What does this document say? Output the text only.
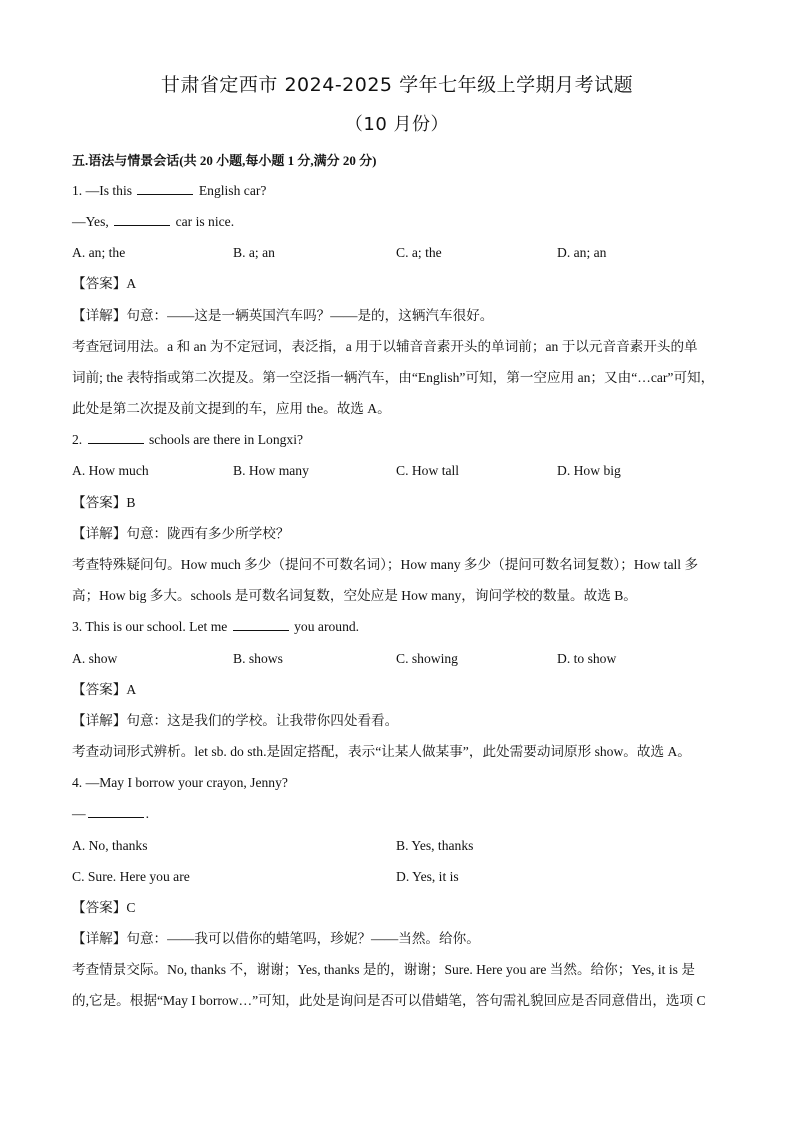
甘肃省定西市 2024-2025 学年七年级上学期月考试题
（10 月份）
五.语法与情景会话(共 20 小题,每小题 1 分,满分 20 分)
1. —Is this	English car?
—Yes,	car is nice.
A. an; the	B. a; an	C. a; the	D. an; an
【答案】A
【详解】句意：——这是一辆英国汽车吗？——是的，这辆汽车很好。
考查冠词用法。a 和 an 为不定冠词，表泛指，a 用于以辅音音素开头的单词前；an 于以元音音素开头的单
词前; the 表特指或第二次提及。第一空泛指一辆汽车，由“English”可知，第一空应用 an；又由“…car”可知，
此处是第二次提及前文提到的车，应用 the。故选 A。
2.	schools are there in Longxi?
A. How much	B. How many	C. How tall	D. How big
【答案】B
【详解】句意：陇西有多少所学校？
考查特殊疑问句。How much 多少（提问不可数名词）；How many 多少（提问可数名词复数）；How tall 多
高；How big 多大。schools 是可数名词复数，空处应是 How many，询问学校的数量。故选 B。
3. This is our school. Let me	you around.
A. show	B. shows	C. showing	D. to show
【答案】A
【详解】句意：这是我们的学校。让我带你四处看看。
考查动词形式辨析。let sb. do sth.是固定搭配，表示“让某人做某事”，此处需要动词原形 show。故选 A。
4. —May I borrow your crayon, Jenny?
—	.
A. No, thanks	B. Yes, thanks
C. Sure. Here you are	D. Yes, it is
【答案】C
【详解】句意：——我可以借你的蜡笔吗，珍妮？——当然。给你。
考查情景交际。No, thanks 不，谢谢；Yes, thanks 是的，谢谢；Sure. Here you are 当然。给你；Yes, it is 是
的,它是。根据“May I borrow…”可知，此处是询问是否可以借蜡笔，答句需礼貌回应是否同意借出，选项 C
